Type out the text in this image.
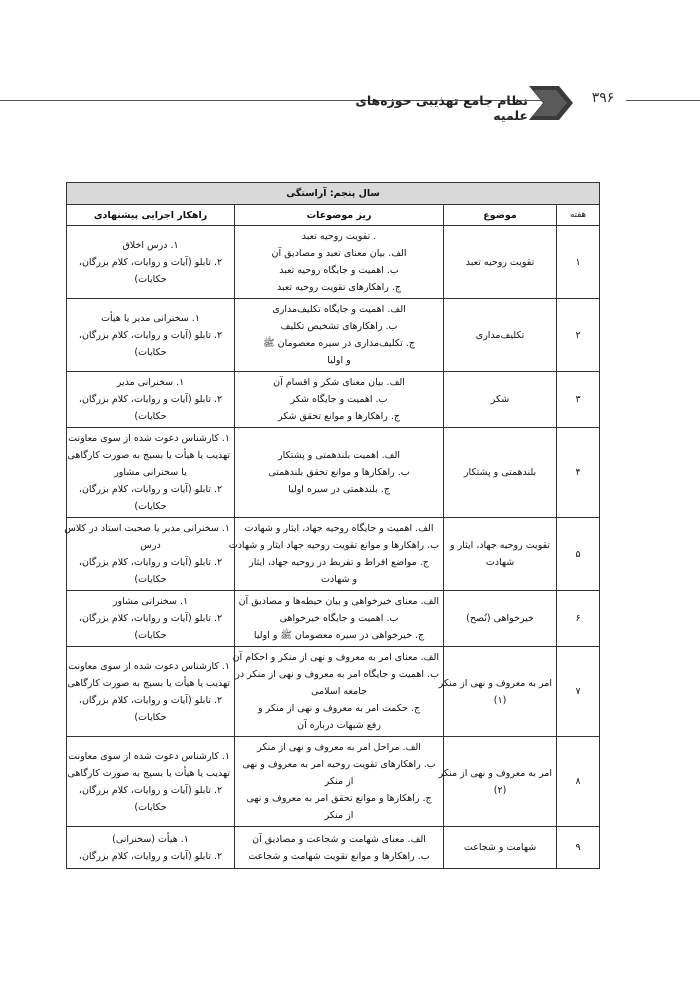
نظام جامع تهذیبی حوزه‌های علمیه
۳۹۶
سال پنجم: آراستگی			
هفته	موضوع	ریز موضوعات	راهکار اجرایی پیشنهادی
۱	تقویت روحیه تعبد	. تقویت روحیه تعبد
الف. بیان معنای تعبد و مصادیق آن
ب. اهمیت و جایگاه روحیه تعبد
ج. راهکارهای تقویت روحیه تعبد	۱. درس اخلاق
۲. تابلو (آیات و روایات، کلام بزرگان،
حکایات)

۲	تکلیف‌مداری	الف. اهمیت و جایگاه تکلیف‌مداری
ب. راهکارهای تشخیص تکلیف
ج. تکلیف‌مداری در سیره معصومان ﷺ
و اولیا	۱. سخنرانی مدیر یا هیأت
۲. تابلو (آیات و روایات، کلام بزرگان،
حکایات)

۳	شکر	الف. بیان معنای شکر و اقسام آن
ب. اهمیت و جایگاه شکر
ج. راهکارها و موانع تحقق شکر	۱. سخنرانی مدیر
۲. تابلو (آیات و روایات، کلام بزرگان،
حکایات)

۴	بلندهمتی و پشتکار	الف. اهمیت بلندهمتی و پشتکار
ب. راهکارها و موانع تحقق بلندهمتی
ج. بلندهمتی در سیره اولیا	۱. کارشناس دعوت شده از سوی معاونت
تهذیب یا هیأت یا بسیج به صورت کارگاهی
یا سخنرانی مشاور
۲. تابلو (آیات و روایات، کلام بزرگان،
حکایات)

۵	تقویت روحیه جهاد، ایثار و
شهادت	الف. اهمیت و جایگاه روحیه جهاد، ایثار و شهادت
ب. راهکارها و موانع تقویت روحیه جهاد ایثار و شهادت
ج. مواضع افراط و تفریط در روحیه جهاد، ایثار
و شهادت	۱. سخنرانی مدیر یا صحبت استاد در کلاس
درس
۲. تابلو (آیات و روایات، کلام بزرگان،
حکایات)

۶	خیرخواهی (نُصح)	الف. معنای خیرخواهی و بیان حیطه‌ها و مصادیق آن
ب. اهمیت و جایگاه خیرخواهی
ج. خیرخواهی در سیره معصومان ﷺ و اولیا	۱. سخنرانی مشاور
۲. تابلو (آیات و روایات، کلام بزرگان،
حکایات)

۷	امر به معروف و نهی از منکر
(۱)	الف. معنای امر به معروف و نهی از منکر و احکام آن
ب. اهمیت و جایگاه امر به معروف و نهی از منکر در
جامعه اسلامی
ج. حکمت امر به معروف و نهی از منکر و
رفع شبهات درباره آن	۱. کارشناس دعوت شده از سوی معاونت
تهذیب یا هیأت یا بسیج به صورت کارگاهی
۲. تابلو (آیات و روایات، کلام بزرگان،
حکایات)

۸	امر به معروف و نهی از منکر
(۲)	الف. مراحل امر به معروف و نهی از منکر
ب. راهکارهای تقویت روحیه امر به معروف و نهی
از منکر
ج. راهکارها و موانع تحقق امر به معروف و نهی
از منکر	۱. کارشناس دعوت شده از سوی معاونت
تهذیب یا هیأت یا بسیج به صورت کارگاهی
۲. تابلو (آیات و روایات، کلام بزرگان،
حکایات)

۹	شهامت و شجاعت	الف. معنای شهامت و شجاعت و مصادیق آن
ب. راهکارها و موانع تقویت شهامت و شجاعت	۱. هیأت (سخنرانی)
۲. تابلو (آیات و روایات، کلام بزرگان،
